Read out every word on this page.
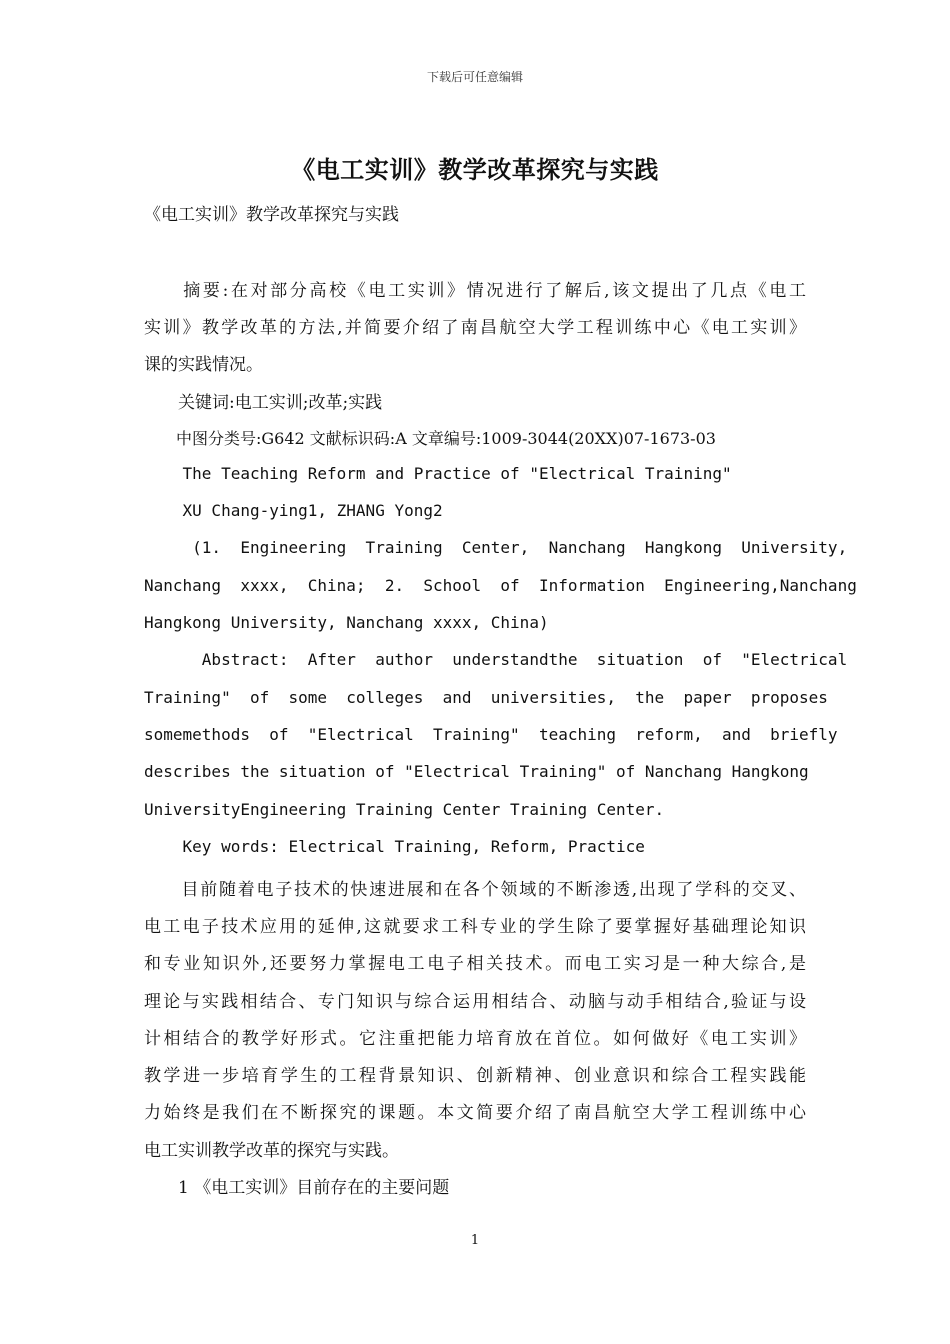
下载后可任意编辑
《电工实训》教学改革探究与实践
《电工实训》教学改革探究与实践
　　摘要:在对部分高校《电工实训》情况进行了解后,该文提出了几点《电工
实训》教学改革的方法,并简要介绍了南昌航空大学工程训练中心《电工实训》
课的实践情况。
　　关键词:电工实训;改革;实践
　　中图分类号:G642 文献标识码:A 文章编号:1009-3044(20XX)07-1673-03
The Teaching Reform and Practice of "Electrical Training"
XU Chang-ying1, ZHANG Yong2
(1.  Engineering  Training  Center,  Nanchang  Hangkong  University,
Nanchang  xxxx,  China;  2.  School  of  Information  Engineering,Nanchang
Hangkong University, Nanchang xxxx, China)
Abstract:  After  author  understandthe  situation  of  "Electrical
Training"  of  some  colleges  and  universities,  the  paper  proposes
somemethods  of  "Electrical  Training"  teaching  reform,  and  briefly
describes the situation of "Electrical Training" of Nanchang Hangkong
UniversityEngineering Training Center Training Center.
Key words: Electrical Training, Reform, Practice
　　目前随着电子技术的快速进展和在各个领域的不断渗透,出现了学科的交叉、
电工电子技术应用的延伸,这就要求工科专业的学生除了要掌握好基础理论知识
和专业知识外,还要努力掌握电工电子相关技术。而电工实习是一种大综合,是
理论与实践相结合、专门知识与综合运用相结合、动脑与动手相结合,验证与设
计相结合的教学好形式。它注重把能力培育放在首位。如何做好《电工实训》
教学进一步培育学生的工程背景知识、创新精神、创业意识和综合工程实践能
力始终是我们在不断探究的课题。本文简要介绍了南昌航空大学工程训练中心
电工实训教学改革的探究与实践。
　　1 《电工实训》目前存在的主要问题
1
